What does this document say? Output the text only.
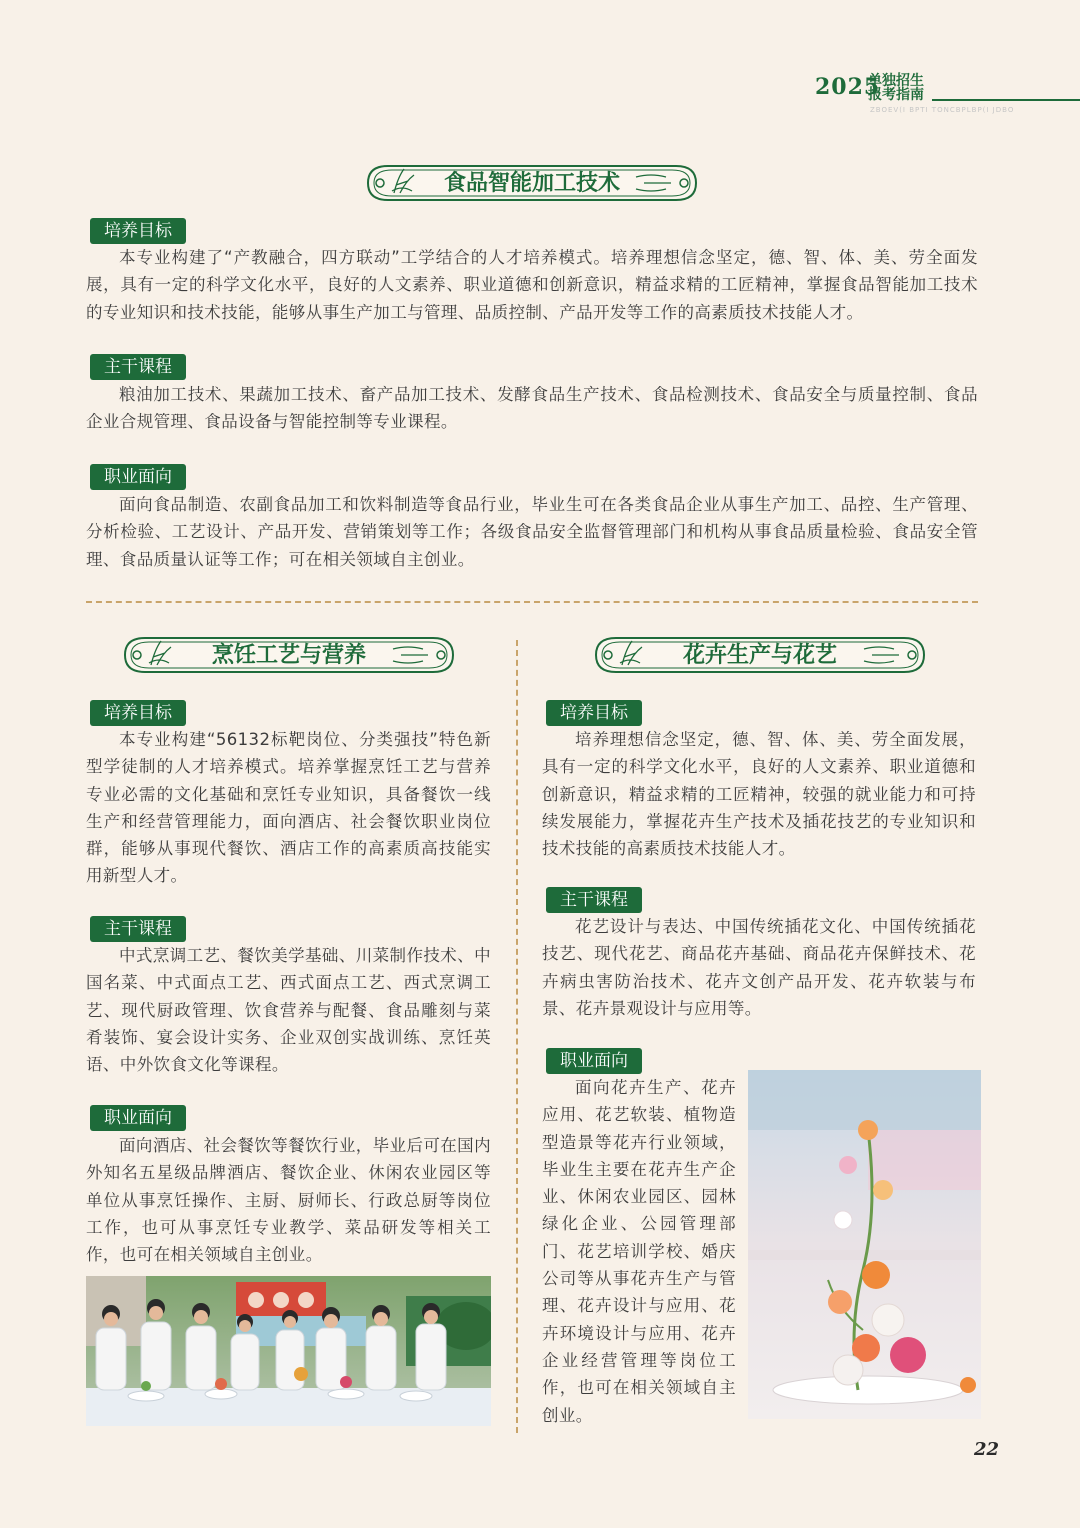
2025
单独招生
报考指南
ZBOEV(I BPTI TONCBPLBP(I JDBO
食品智能加工技术
培养目标
本专业构建了“产教融合，四方联动”工学结合的人才培养模式。培养理想信念坚定，德、智、体、美、劳全面发展，具有一定的科学文化水平，良好的人文素养、职业道德和创新意识，精益求精的工匠精神，掌握食品智能加工技术的专业知识和技术技能，能够从事生产加工与管理、品质控制、产品开发等工作的高素质技术技能人才。
主干课程
粮油加工技术、果蔬加工技术、畜产品加工技术、发酵食品生产技术、食品检测技术、食品安全与质量控制、食品企业合规管理、食品设备与智能控制等专业课程。
职业面向
面向食品制造、农副食品加工和饮料制造等食品行业，毕业生可在各类食品企业从事生产加工、品控、生产管理、分析检验、工艺设计、产品开发、营销策划等工作；各级食品安全监督管理部门和机构从事食品质量检验、食品安全管理、食品质量认证等工作；可在相关领域自主创业。
烹饪工艺与营养
培养目标
本专业构建“56132标靶岗位、分类强技”特色新型学徒制的人才培养模式。培养掌握烹饪工艺与营养专业必需的文化基础和烹饪专业知识，具备餐饮一线生产和经营管理能力，面向酒店、社会餐饮职业岗位群，能够从事现代餐饮、酒店工作的高素质高技能实用新型人才。
主干课程
中式烹调工艺、餐饮美学基础、川菜制作技术、中国名菜、中式面点工艺、西式面点工艺、西式烹调工艺、现代厨政管理、饮食营养与配餐、食品雕刻与菜肴装饰、宴会设计实务、企业双创实战训练、烹饪英语、中外饮食文化等课程。
职业面向
面向酒店、社会餐饮等餐饮行业，毕业后可在国内外知名五星级品牌酒店、餐饮企业、休闲农业园区等单位从事烹饪操作、主厨、厨师长、行政总厨等岗位工作，也可从事烹饪专业教学、菜品研发等相关工作，也可在相关领域自主创业。
花卉生产与花艺
培养目标
培养理想信念坚定，德、智、体、美、劳全面发展，具有一定的科学文化水平，良好的人文素养、职业道德和创新意识，精益求精的工匠精神，较强的就业能力和可持续发展能力，掌握花卉生产技术及插花技艺的专业知识和技术技能的高素质技术技能人才。
主干课程
花艺设计与表达、中国传统插花文化、中国传统插花技艺、现代花艺、商品花卉基础、商品花卉保鲜技术、花卉病虫害防治技术、花卉文创产品开发、花卉软装与布景、花卉景观设计与应用等。
职业面向
面向花卉生产、花卉应用、花艺软装、植物造型造景等花卉行业领域，毕业生主要在花卉生产企业、休闲农业园区、园林绿化企业、公园管理部门、花艺培训学校、婚庆公司等从事花卉生产与管理、花卉设计与应用、花卉环境设计与应用、花卉企业经营管理等岗位工作，也可在相关领域自主创业。
22
